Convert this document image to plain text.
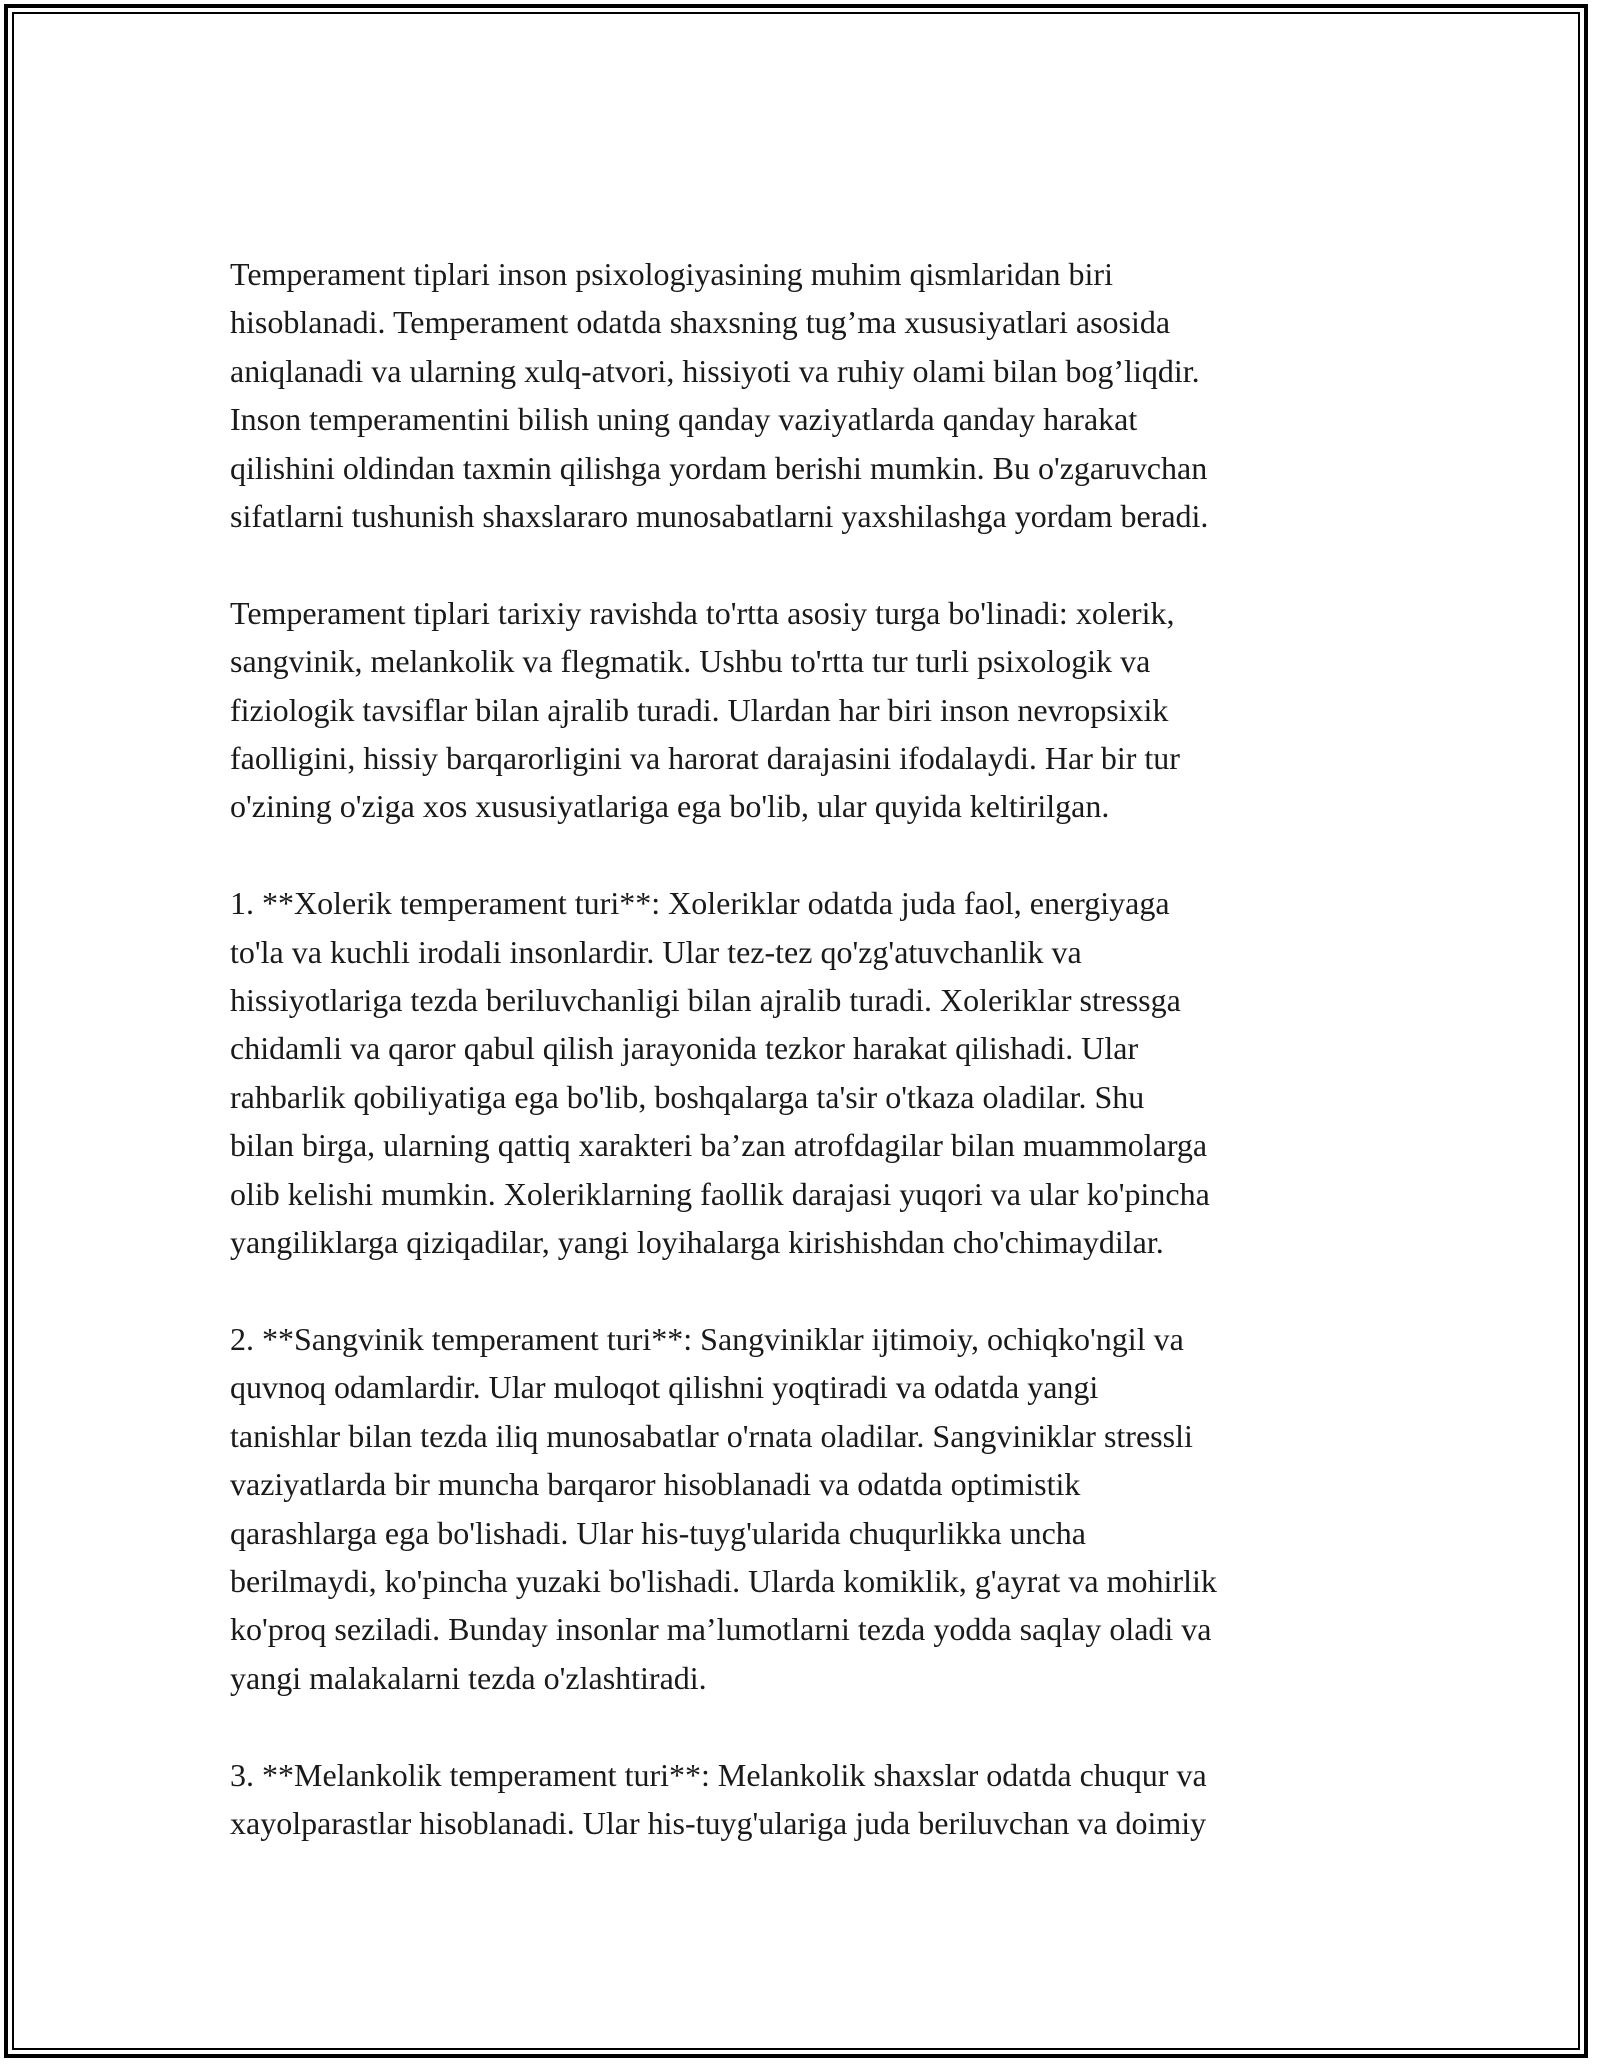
Temperament tiplari inson psixologiyasining muhim qismlaridan biri
hisoblanadi. Temperament odatda shaxsning tug’ma xususiyatlari asosida
aniqlanadi va ularning xulq-atvori, hissiyoti va ruhiy olami bilan bog’liqdir.
Inson temperamentini bilish uning qanday vaziyatlarda qanday harakat
qilishini oldindan taxmin qilishga yordam berishi mumkin. Bu o'zgaruvchan
sifatlarni tushunish shaxslararo munosabatlarni yaxshilashga yordam beradi.

Temperament tiplari tarixiy ravishda to'rtta asosiy turga bo'linadi: xolerik,
sangvinik, melankolik va flegmatik. Ushbu to'rtta tur turli psixologik va
fiziologik tavsiflar bilan ajralib turadi. Ulardan har biri inson nevropsixik
faolligini, hissiy barqarorligini va harorat darajasini ifodalaydi. Har bir tur
o'zining o'ziga xos xususiyatlariga ega bo'lib, ular quyida keltirilgan.

1. **Xolerik temperament turi**: Xoleriklar odatda juda faol, energiyaga
to'la va kuchli irodali insonlardir. Ular tez-tez qo'zg'atuvchanlik va
hissiyotlariga tezda beriluvchanligi bilan ajralib turadi. Xoleriklar stressga
chidamli va qaror qabul qilish jarayonida tezkor harakat qilishadi. Ular
rahbarlik qobiliyatiga ega bo'lib, boshqalarga ta'sir o'tkaza oladilar. Shu
bilan birga, ularning qattiq xarakteri ba’zan atrofdagilar bilan muammolarga
olib kelishi mumkin. Xoleriklarning faollik darajasi yuqori va ular ko'pincha
yangiliklarga qiziqadilar, yangi loyihalarga kirishishdan cho'chimaydilar.

2. **Sangvinik temperament turi**: Sangviniklar ijtimoiy, ochiqko'ngil va
quvnoq odamlardir. Ular muloqot qilishni yoqtiradi va odatda yangi
tanishlar bilan tezda iliq munosabatlar o'rnata oladilar. Sangviniklar stressli
vaziyatlarda bir muncha barqaror hisoblanadi va odatda optimistik
qarashlarga ega bo'lishadi. Ular his-tuyg'ularida chuqurlikka uncha
berilmaydi, ko'pincha yuzaki bo'lishadi. Ularda komiklik, g'ayrat va mohirlik
ko'proq seziladi. Bunday insonlar ma’lumotlarni tezda yodda saqlay oladi va
yangi malakalarni tezda o'zlashtiradi.

3. **Melankolik temperament turi**: Melankolik shaxslar odatda chuqur va
xayolparastlar hisoblanadi. Ular his-tuyg'ulariga juda beriluvchan va doimiy
